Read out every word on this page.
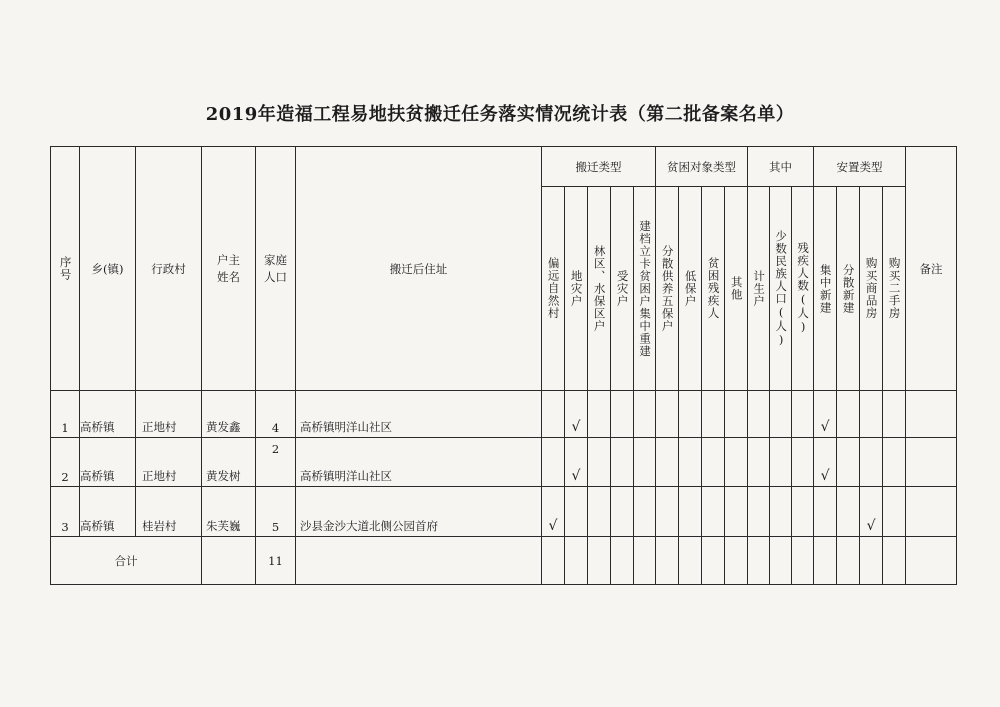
2019年造福工程易地扶贫搬迁任务落实情况统计表（第二批备案名单）
序号	乡(镇)	行政村	户主姓名	家庭人口	搬迁后住址	搬迁类型					贫困对象类型				其中			安置类型				备注

						偏远自然村	地灾户	林区、水保区户	受灾户	建档立卡贫困户集中重建	分散供养五保户	低保户	贫困残疾人	其他	计生户	少数民族人口(人)	残疾人数(人)	集中新建	分散新建	购买商品房	购买二手房	

1	高桥镇	正地村	黄发鑫	4	高桥镇明洋山社区		√											√				
2	高桥镇	正地村	黄发树	2	高桥镇明洋山社区		√											√				
3	高桥镇	桂岩村	朱芙巍	5	沙县金沙大道北侧公园首府	√														√		
合计				11																		
